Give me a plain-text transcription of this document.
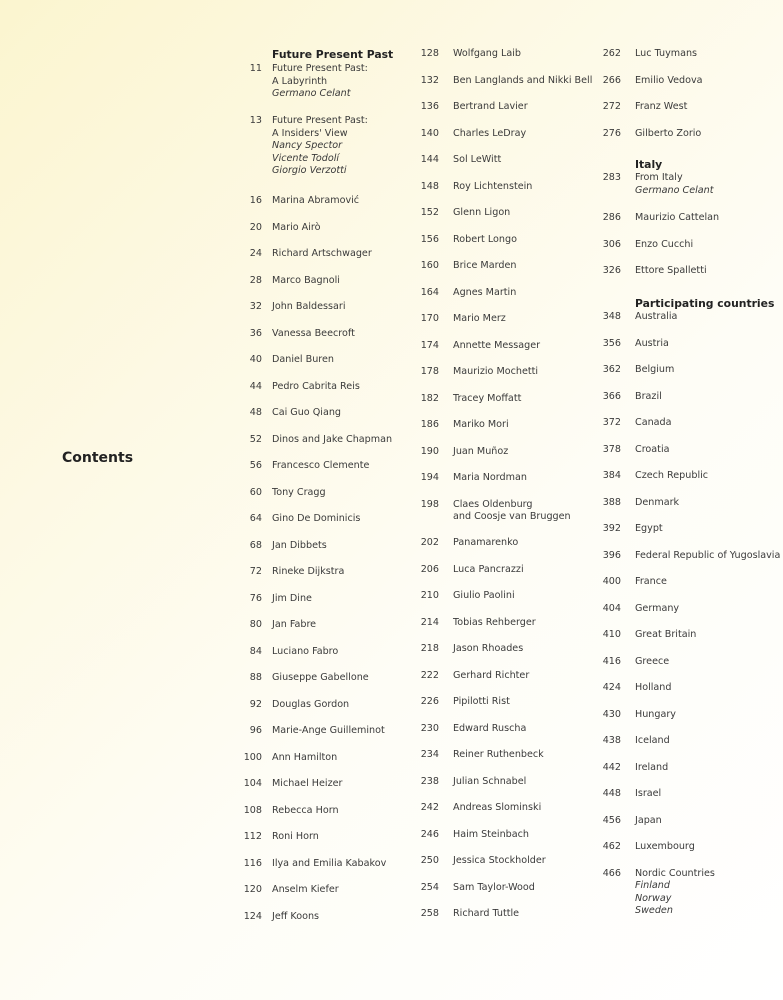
Contents
Future Present Past
11 Future Present Past:
A Labyrinth
Germano Celant
13 Future Present Past:
A Insiders' View
Nancy Spector
Vicente Todolí
Giorgio Verzotti
16 Marina Abramović
20 Mario Airò
24 Richard Artschwager
28 Marco Bagnoli
32 John Baldessari
36 Vanessa Beecroft
40 Daniel Buren
44 Pedro Cabrita Reis
48 Cai Guo Qiang
52 Dinos and Jake Chapman
56 Francesco Clemente
60 Tony Cragg
64 Gino De Dominicis
68 Jan Dibbets
72 Rineke Dijkstra
76 Jim Dine
80 Jan Fabre
84 Luciano Fabro
88 Giuseppe Gabellone
92 Douglas Gordon
96 Marie-Ange Guilleminot
100 Ann Hamilton
104 Michael Heizer
108 Rebecca Horn
112 Roni Horn
116 Ilya and Emilia Kabakov
120 Anselm Kiefer
124 Jeff Koons
128 Wolfgang Laib
132 Ben Langlands and Nikki Bell
136 Bertrand Lavier
140 Charles LeDray
144 Sol LeWitt
148 Roy Lichtenstein
152 Glenn Ligon
156 Robert Longo
160 Brice Marden
164 Agnes Martin
170 Mario Merz
174 Annette Messager
178 Maurizio Mochetti
182 Tracey Moffatt
186 Mariko Mori
190 Juan Muñoz
194 Maria Nordman
198 Claes Oldenburg
and Coosje van Bruggen
202 Panamarenko
206 Luca Pancrazzi
210 Giulio Paolini
214 Tobias Rehberger
218 Jason Rhoades
222 Gerhard Richter
226 Pipilotti Rist
230 Edward Ruscha
234 Reiner Ruthenbeck
238 Julian Schnabel
242 Andreas Slominski
246 Haim Steinbach
250 Jessica Stockholder
254 Sam Taylor-Wood
258 Richard Tuttle
Italy
Participating countries
262 Luc Tuymans
266 Emilio Vedova
272 Franz West
276 Gilberto Zorio
283 From Italy
Germano Celant
286 Maurizio Cattelan
306 Enzo Cucchi
326 Ettore Spalletti
348 Australia
356 Austria
362 Belgium
366 Brazil
372 Canada
378 Croatia
384 Czech Republic
388 Denmark
392 Egypt
396 Federal Republic of Yugoslavia
400 France
404 Germany
410 Great Britain
416 Greece
424 Holland
430 Hungary
438 Iceland
442 Ireland
448 Israel
456 Japan
462 Luxembourg
466 Nordic Countries
Finland
Norway
Sweden
